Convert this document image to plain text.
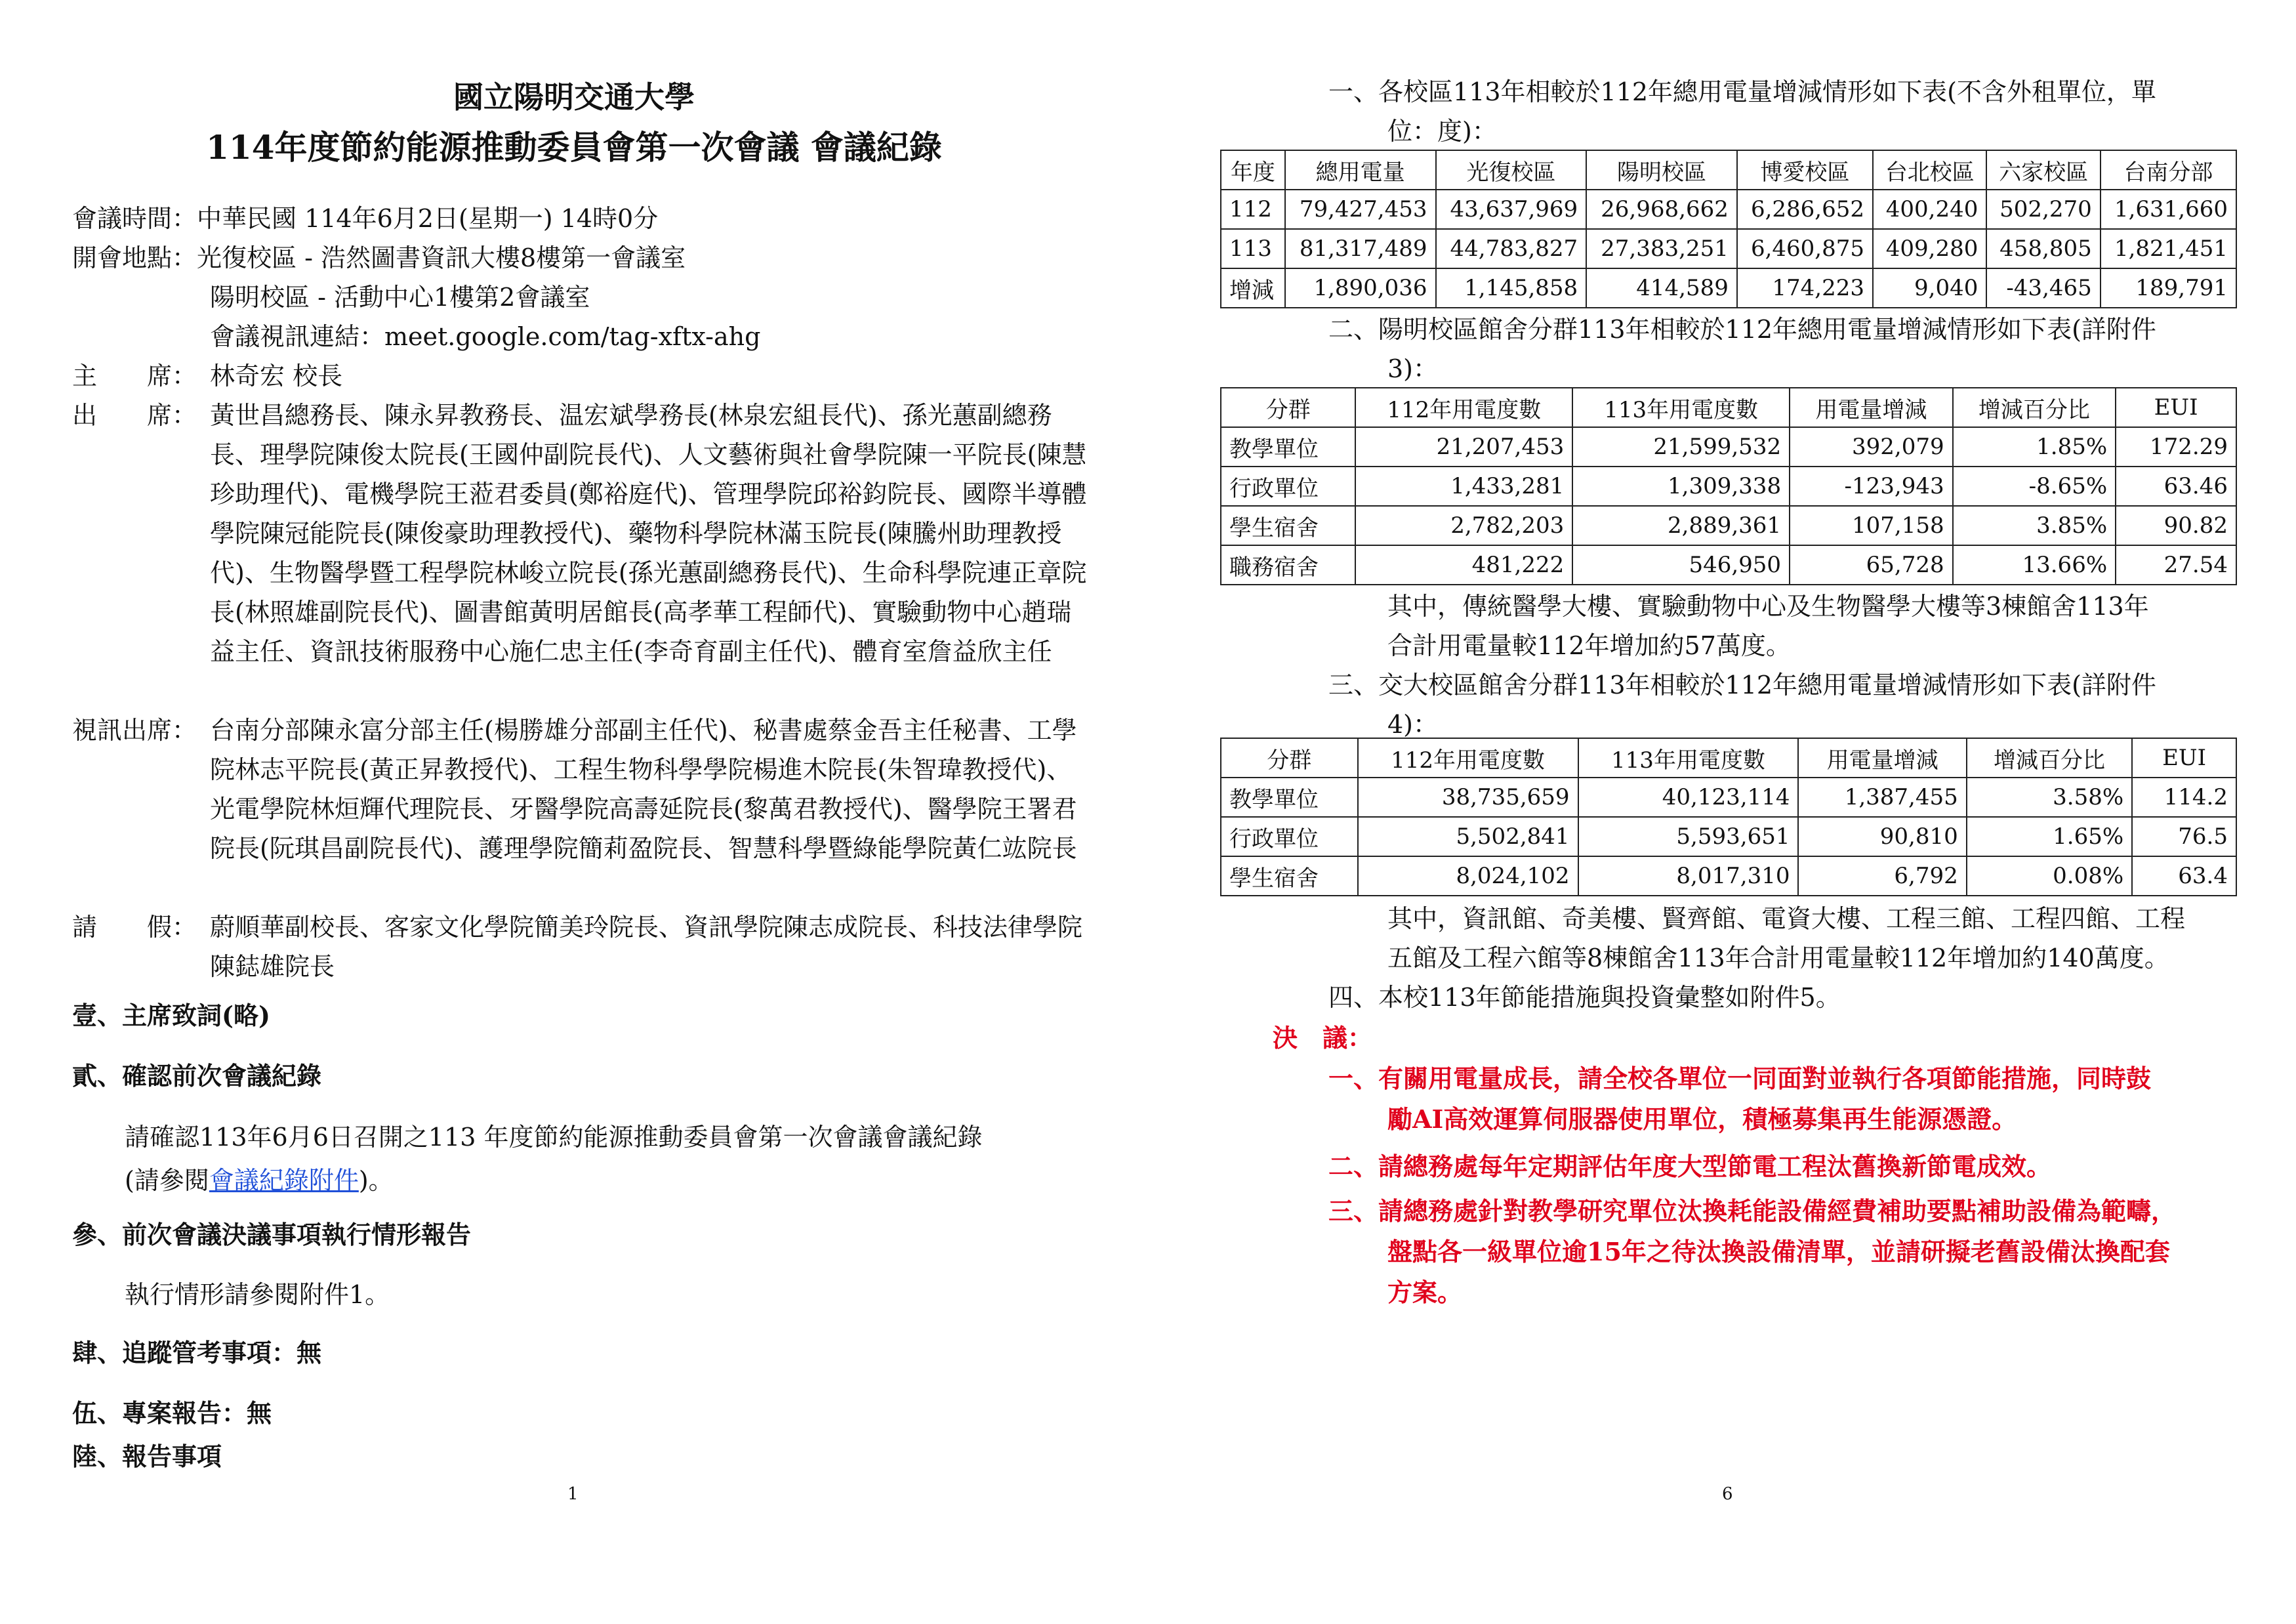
國立陽明交通大學
114年度節約能源推動委員會第一次會議 會議紀錄
會議時間：中華民國 114年6月2日(星期一) 14時0分
開會地點：光復校區 - 浩然圖書資訊大樓8樓第一會議室
陽明校區 - 活動中心1樓第2會議室
會議視訊連結：meet.google.com/tag-xftx-ahg
主　　席： 林奇宏 校長
出　　席： 黃世昌總務長、陳永昇教務長、温宏斌學務長(林泉宏組長代)、孫光蕙副總務長、理學院陳俊太院長(王國仲副院長代)、人文藝術與社會學院陳一平院長(陳慧珍助理代)、電機學院王蒞君委員(鄭裕庭代)、管理學院邱裕鈞院長、國際半導體學院陳冠能院長(陳俊豪助理教授代)、藥物科學院林滿玉院長(陳騰州助理教授代)、生物醫學暨工程學院林峻立院長(孫光蕙副總務長代)、生命科學院連正章院長(林照雄副院長代)、圖書館黃明居館長(高孝華工程師代)、實驗動物中心趙瑞益主任、資訊技術服務中心施仁忠主任(李奇育副主任代)、體育室詹益欣主任
視訊出席： 台南分部陳永富分部主任(楊勝雄分部副主任代)、秘書處蔡金吾主任秘書、工學院林志平院長(黃正昇教授代)、工程生物科學學院楊進木院長(朱智瑋教授代)、光電學院林烜輝代理院長、牙醫學院高壽延院長(黎萬君教授代)、醫學院王署君院長(阮琪昌副院長代)、護理學院簡莉盈院長、智慧科學暨綠能學院黃仁竑院長
請　　假： 蔚順華副校長、客家文化學院簡美玲院長、資訊學院陳志成院長、科技法律學院陳鋕雄院長
壹、主席致詞(略)
貳、確認前次會議紀錄
請確認113年6月6日召開之113 年度節約能源推動委員會第一次會議會議紀錄
(請參閱會議紀錄附件)。
參、前次會議決議事項執行情形報告
執行情形請參閱附件1。
肆、追蹤管考事項：無
伍、專案報告：無
陸、報告事項
1
一、各校區113年相較於112年總用電量增減情形如下表(不含外租單位，單
位：度)：
年度	總用電量	光復校區	陽明校區	博愛校區	台北校區	六家校區	台南分部
112	79,427,453	43,637,969	26,968,662	6,286,652	400,240	502,270	1,631,660
113	81,317,489	44,783,827	27,383,251	6,460,875	409,280	458,805	1,821,451
增減	1,890,036	1,145,858	414,589	174,223	9,040	-43,465	189,791
二、陽明校區館舍分群113年相較於112年總用電量增減情形如下表(詳附件
3)：
分群	112年用電度數	113年用電度數	用電量增減	增減百分比	EUI
教學單位	21,207,453	21,599,532	392,079	1.85%	172.29
行政單位	1,433,281	1,309,338	-123,943	-8.65%	63.46
學生宿舍	2,782,203	2,889,361	107,158	3.85%	90.82
職務宿舍	481,222	546,950	65,728	13.66%	27.54
其中，傳統醫學大樓、實驗動物中心及生物醫學大樓等3棟館舍113年
合計用電量較112年增加約57萬度。
三、交大校區館舍分群113年相較於112年總用電量增減情形如下表(詳附件
4)：
分群	112年用電度數	113年用電度數	用電量增減	增減百分比	EUI
教學單位	38,735,659	40,123,114	1,387,455	3.58%	114.2
行政單位	5,502,841	5,593,651	90,810	1.65%	76.5
學生宿舍	8,024,102	8,017,310	6,792	0.08%	63.4
其中，資訊館、奇美樓、賢齊館、電資大樓、工程三館、工程四館、工程
五館及工程六館等8棟館舍113年合計用電量較112年增加約140萬度。
四、本校113年節能措施與投資彙整如附件5。
決　議：
一、有關用電量成長，請全校各單位一同面對並執行各項節能措施，同時鼓
勵AI高效運算伺服器使用單位，積極募集再生能源憑證。
二、請總務處每年定期評估年度大型節電工程汰舊換新節電成效。
三、請總務處針對教學研究單位汰換耗能設備經費補助要點補助設備為範疇，
盤點各一級單位逾15年之待汰換設備清單，並請研擬老舊設備汰換配套
方案。
6
